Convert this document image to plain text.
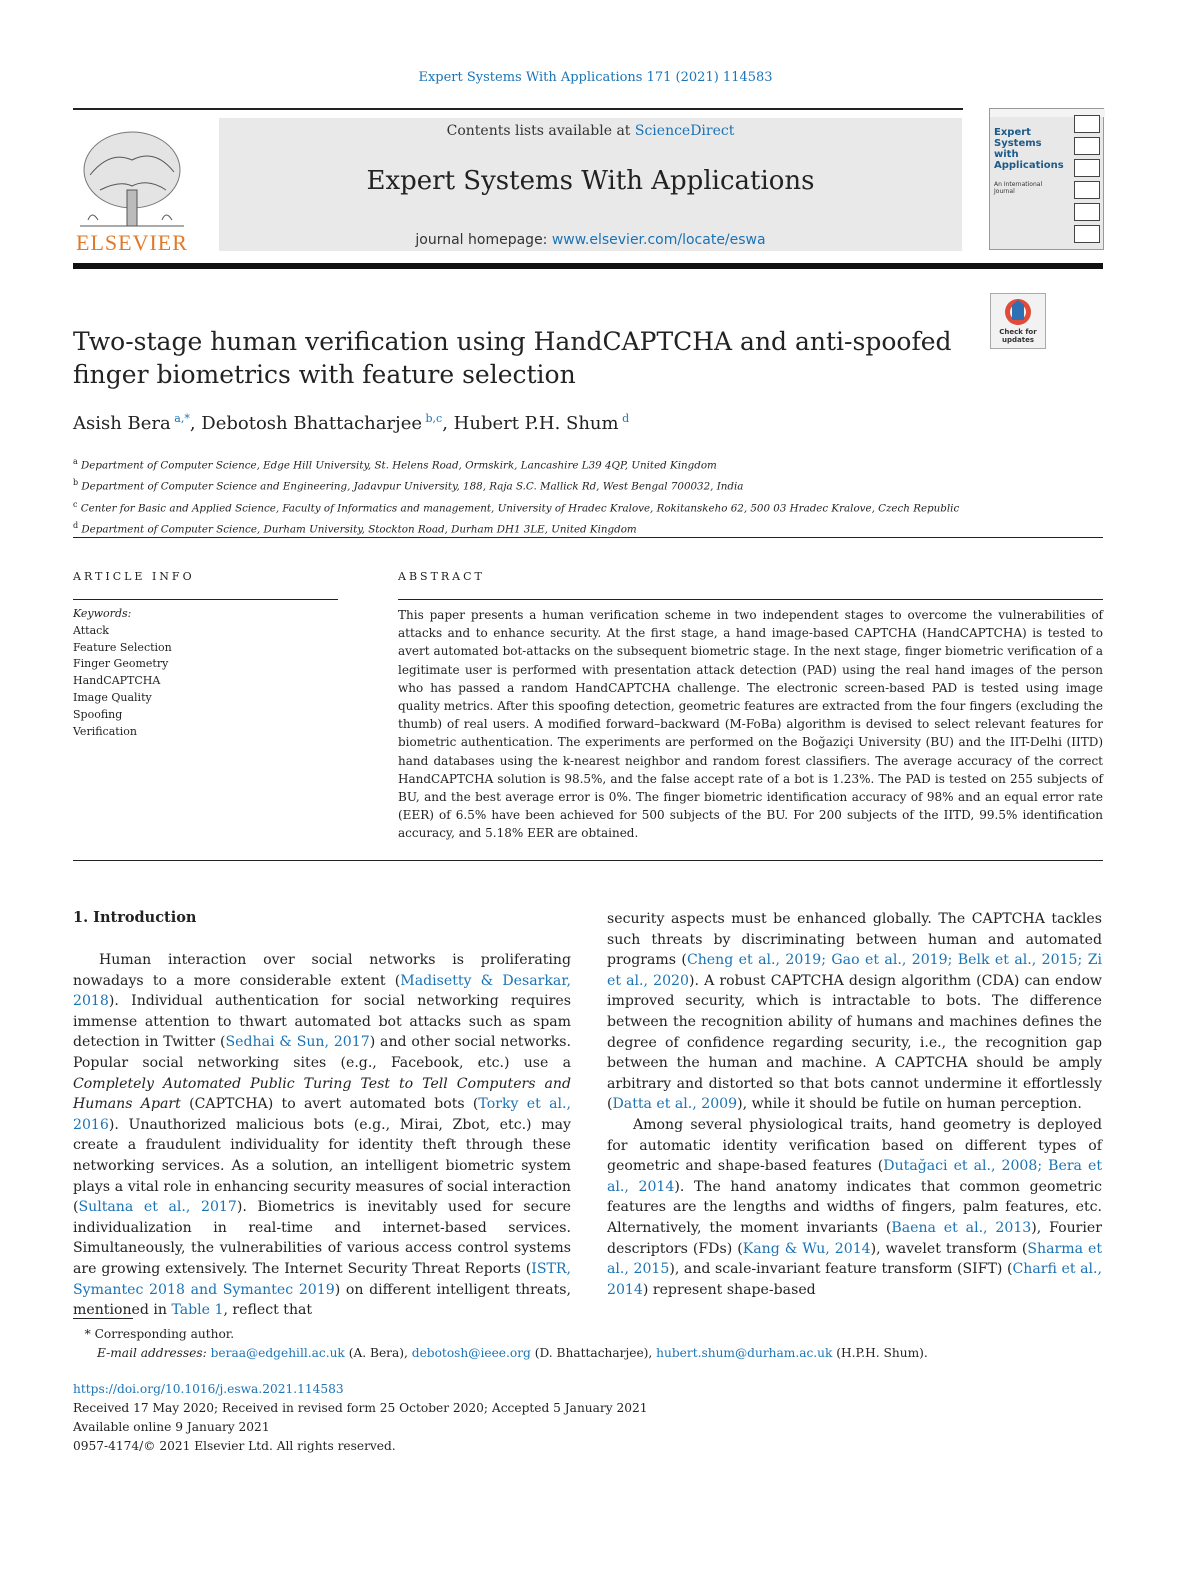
Expert Systems With Applications 171 (2021) 114583
ELSEVIER
Contents lists available at ScienceDirect
Expert Systems With Applications
journal homepage: www.elsevier.com/locate/eswa
Expert Systems with Applications
An International Journal
Check for updates
Two-stage human verification using HandCAPTCHA and anti-spoofed
finger biometrics with feature selection
Asish Bera $^{a,*}$, Debotosh Bhattacharjee $^{b,c}$, Hubert P.H. Shum $^d$
$^a$ Department of Computer Science, Edge Hill University, St. Helens Road, Ormskirk, Lancashire L39 4QP, United Kingdom
$^b$ Department of Computer Science and Engineering, Jadavpur University, 188, Raja S.C. Mallick Rd, West Bengal 700032, India
$^c$ Center for Basic and Applied Science, Faculty of Informatics and management, University of Hradec Kralove, Rokitanskeho 62, 500 03 Hradec Kralove, Czech Republic
$^d$ Department of Computer Science, Durham University, Stockton Road, Durham DH1 3LE, United Kingdom
ARTICLE INFO	ABSTRACT
Keywords:
Attack
Feature Selection
Finger Geometry
HandCAPTCHA
Image Quality
Spoofing
Verification
This paper presents a human verification scheme in two independent stages to overcome the vulnerabilities of attacks and to enhance security. At the first stage, a hand image-based CAPTCHA (HandCAPTCHA) is tested to avert automated bot-attacks on the subsequent biometric stage. In the next stage, finger biometric verification of a legitimate user is performed with presentation attack detection (PAD) using the real hand images of the person who has passed a random HandCAPTCHA challenge. The electronic screen-based PAD is tested using image quality metrics. After this spoofing detection, geometric features are extracted from the four fingers (excluding the thumb) of real users. A modified forward–backward (M-FoBa) algorithm is devised to select relevant features for biometric authentication. The experiments are performed on the Boğaziçi University (BU) and the IIT-Delhi (IITD) hand databases using the k-nearest neighbor and random forest classifiers. The average accuracy of the correct HandCAPTCHA solution is 98.5%, and the false accept rate of a bot is 1.23%. The PAD is tested on 255 subjects of BU, and the best average error is 0%. The finger biometric identification accuracy of 98% and an equal error rate (EER) of 6.5% have been achieved for 500 subjects of the BU. For 200 subjects of the IITD, 99.5% identification accuracy, and 5.18% EER are obtained.
1. Introduction

Human interaction over social networks is proliferating nowadays to a more considerable extent (Madisetty & Desarkar, 2018). Individual authentication for social networking requires immense attention to thwart automated bot attacks such as spam detection in Twitter (Sedhai & Sun, 2017) and other social networks. Popular social networking sites (e.g., Facebook, etc.) use a Completely Automated Public Turing Test to Tell Computers and Humans Apart (CAPTCHA) to avert automated bots (Torky et al., 2016). Unauthorized malicious bots (e.g., Mirai, Zbot, etc.) may create a fraudulent individuality for identity theft through these networking services. As a solution, an intelligent biometric system plays a vital role in enhancing security measures of social interaction (Sultana et al., 2017). Biometrics is inevitably used for secure individualization in real-time and internet-based services. Simultaneously, the vulnerabilities of various access control systems are growing extensively. The Internet Security Threat Reports (ISTR, Symantec 2018 and Symantec 2019) on different intelligent threats, mentioned in Table 1, reflect that

security aspects must be enhanced globally. The CAPTCHA tackles such threats by discriminating between human and automated programs (Cheng et al., 2019; Gao et al., 2019; Belk et al., 2015; Zi et al., 2020). A robust CAPTCHA design algorithm (CDA) can endow improved security, which is intractable to bots. The difference between the recognition ability of humans and machines defines the degree of confidence regarding security, i.e., the recognition gap between the human and machine. A CAPTCHA should be amply arbitrary and distorted so that bots cannot undermine it effortlessly (Datta et al., 2009), while it should be futile on human perception.

Among several physiological traits, hand geometry is deployed for automatic identity verification based on different types of geometric and shape-based features (Dutağaci et al., 2008; Bera et al., 2014). The hand anatomy indicates that common geometric features are the lengths and widths of fingers, palm features, etc. Alternatively, the moment invariants (Baena et al., 2013), Fourier descriptors (FDs) (Kang & Wu, 2014), wavelet transform (Sharma et al., 2015), and scale-invariant feature transform (SIFT) (Charfi et al., 2014) represent shape-based

* Corresponding author.
E-mail addresses: beraa@edgehill.ac.uk (A. Bera), debotosh@ieee.org (D. Bhattacharjee), hubert.shum@durham.ac.uk (H.P.H. Shum).
https://doi.org/10.1016/j.eswa.2021.114583
Received 17 May 2020; Received in revised form 25 October 2020; Accepted 5 January 2021
Available online 9 January 2021
0957-4174/© 2021 Elsevier Ltd. All rights reserved.
